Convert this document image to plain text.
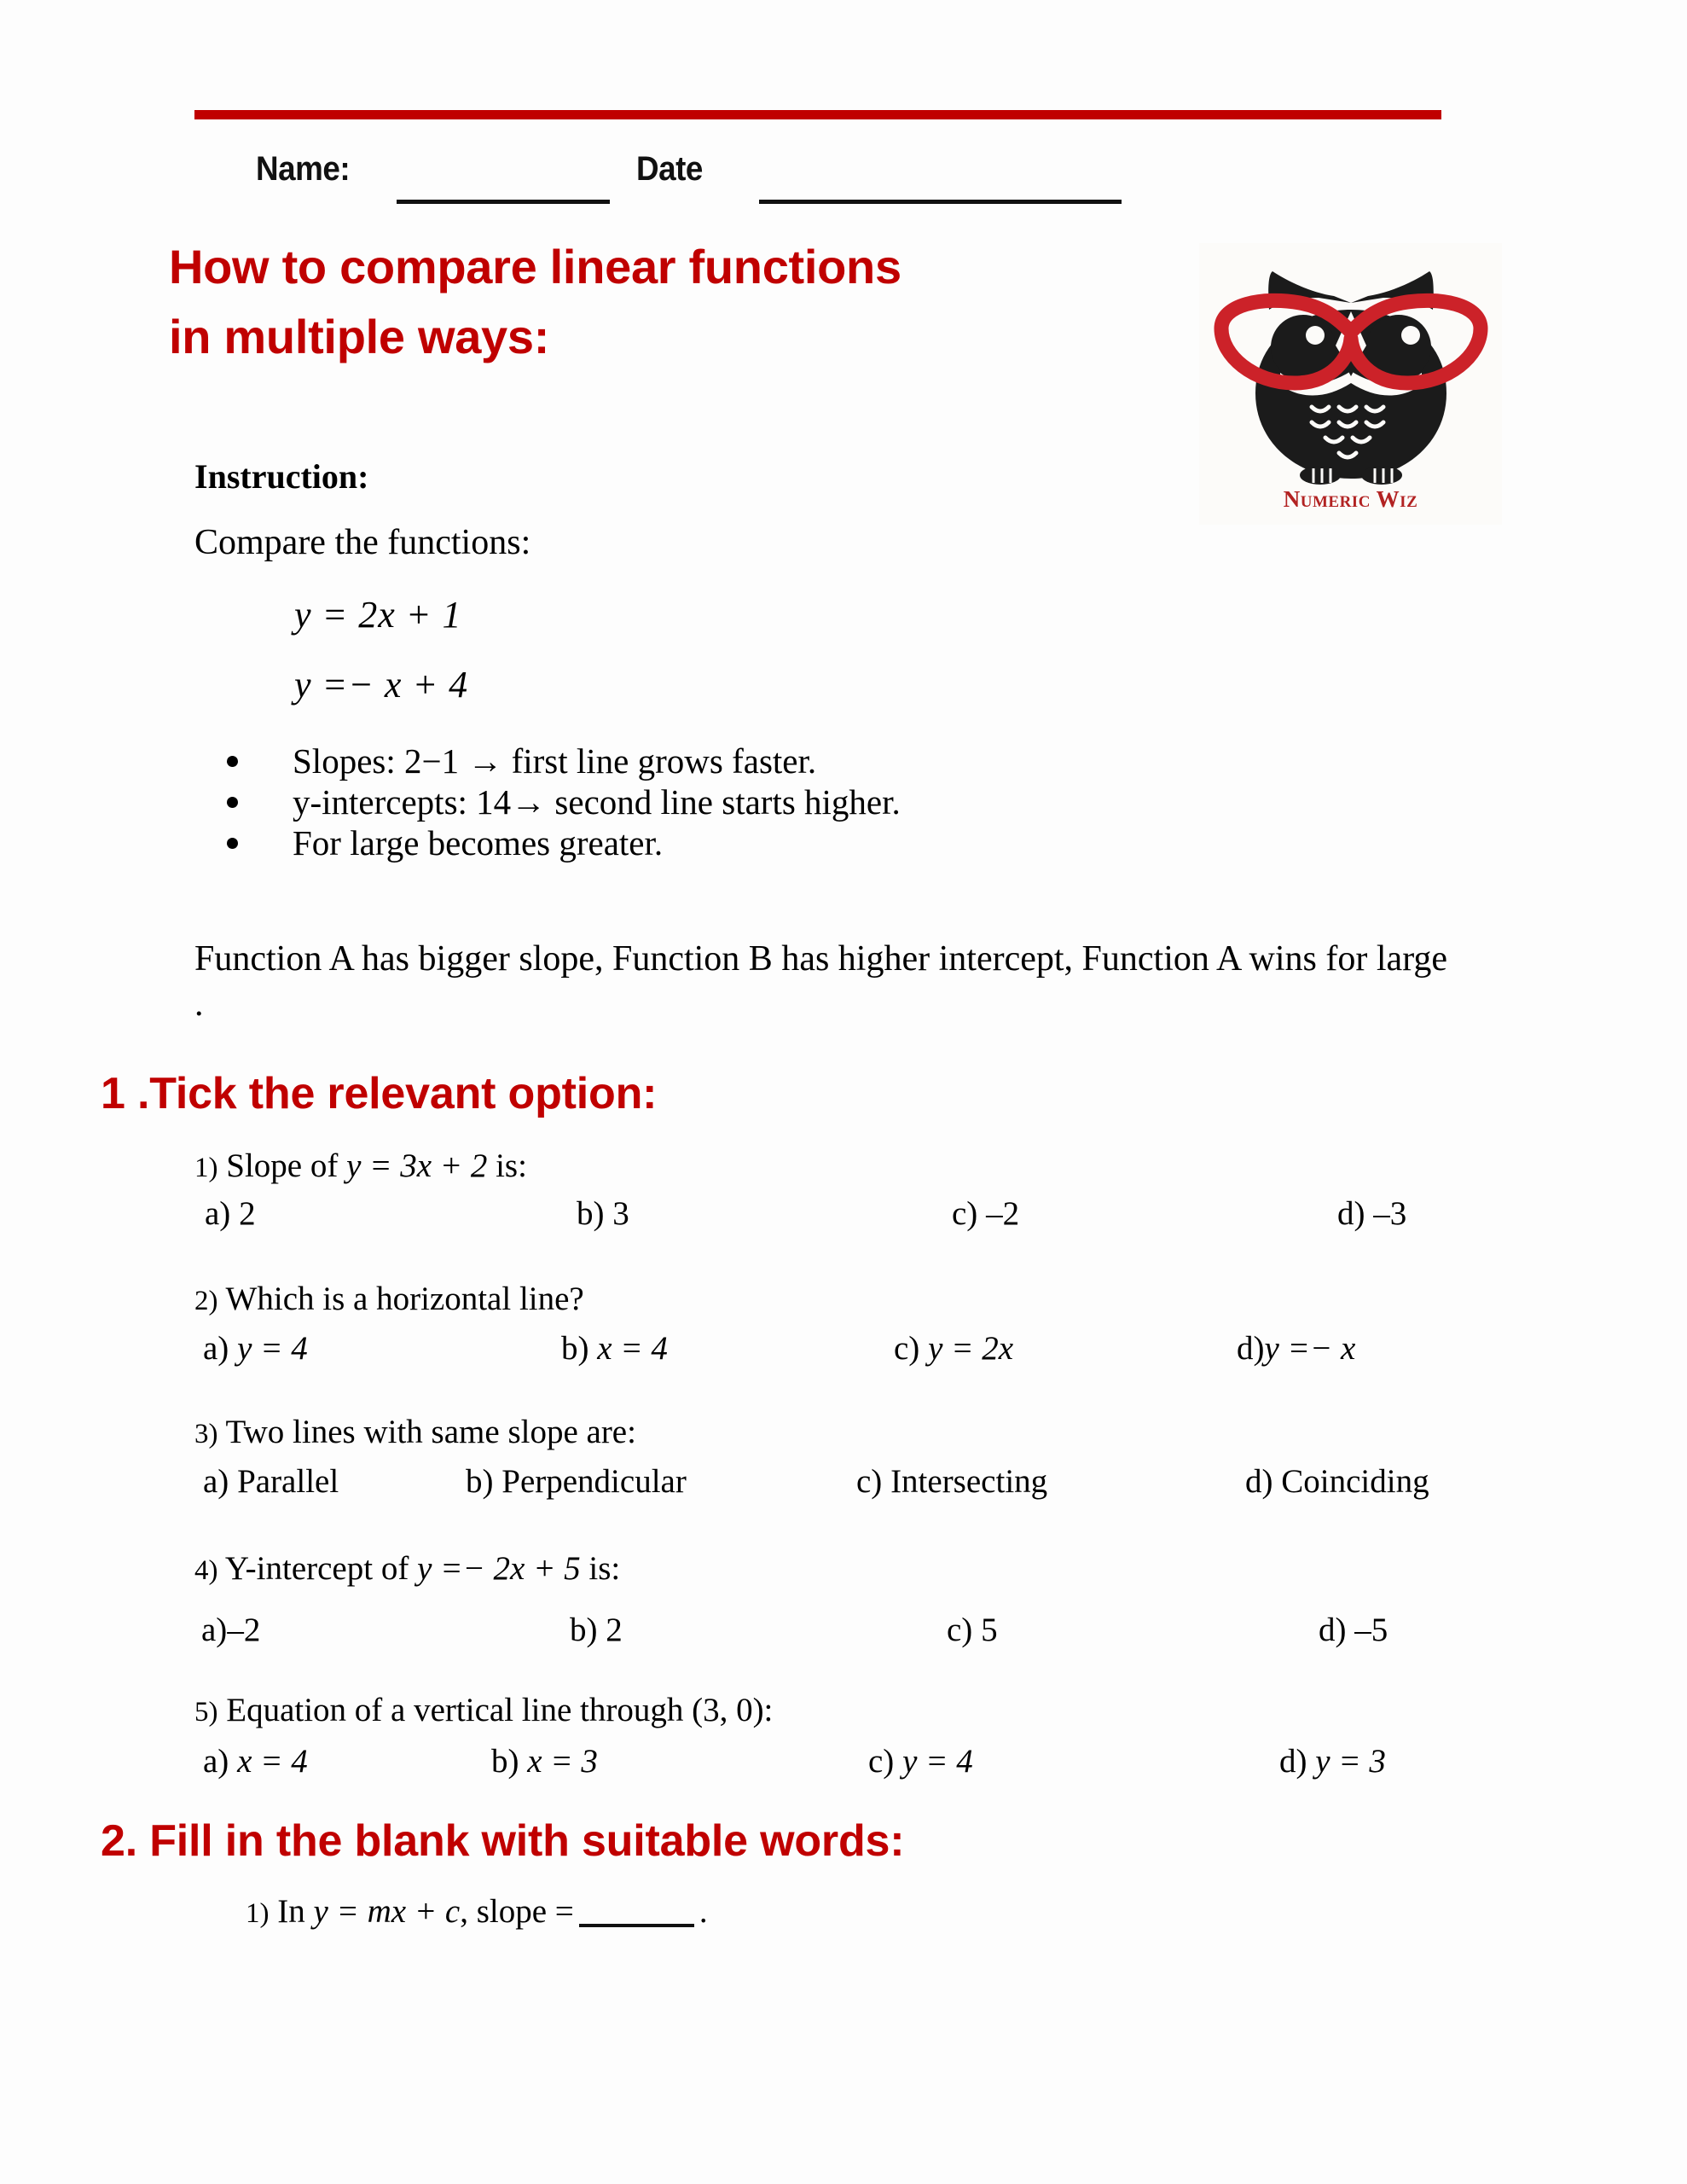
Name:	Date
How to compare linear functions
in multiple ways:
Numeric Wiz
Instruction:
Compare the functions:
y = 2x + 1
y =− x + 4
Slopes: 2−1 → first line grows faster.
y-intercepts: 14→ second line starts higher.
For large becomes greater.
Function A has bigger slope, Function B has higher intercept, Function A wins for large .
1 .Tick the relevant option:
1) Slope of y = 3x + 2 is:
a) 2	b) 3	c) –2	d) –3
2) Which is a horizontal line?
a) y = 4	b) x = 4	c) y = 2x	d)y =− x
3) Two lines with same slope are:
a) Parallel	b) Perpendicular	c) Intersecting	d) Coinciding
4) Y-intercept of y =− 2x + 5 is:
a)–2	b) 2	c) 5	d) –5
5) Equation of a vertical line through (3, 0):
a) x = 4	b) x = 3	c) y = 4	d) y = 3
2. Fill in the blank with suitable words:
1) In y = mx + c, slope =	.
